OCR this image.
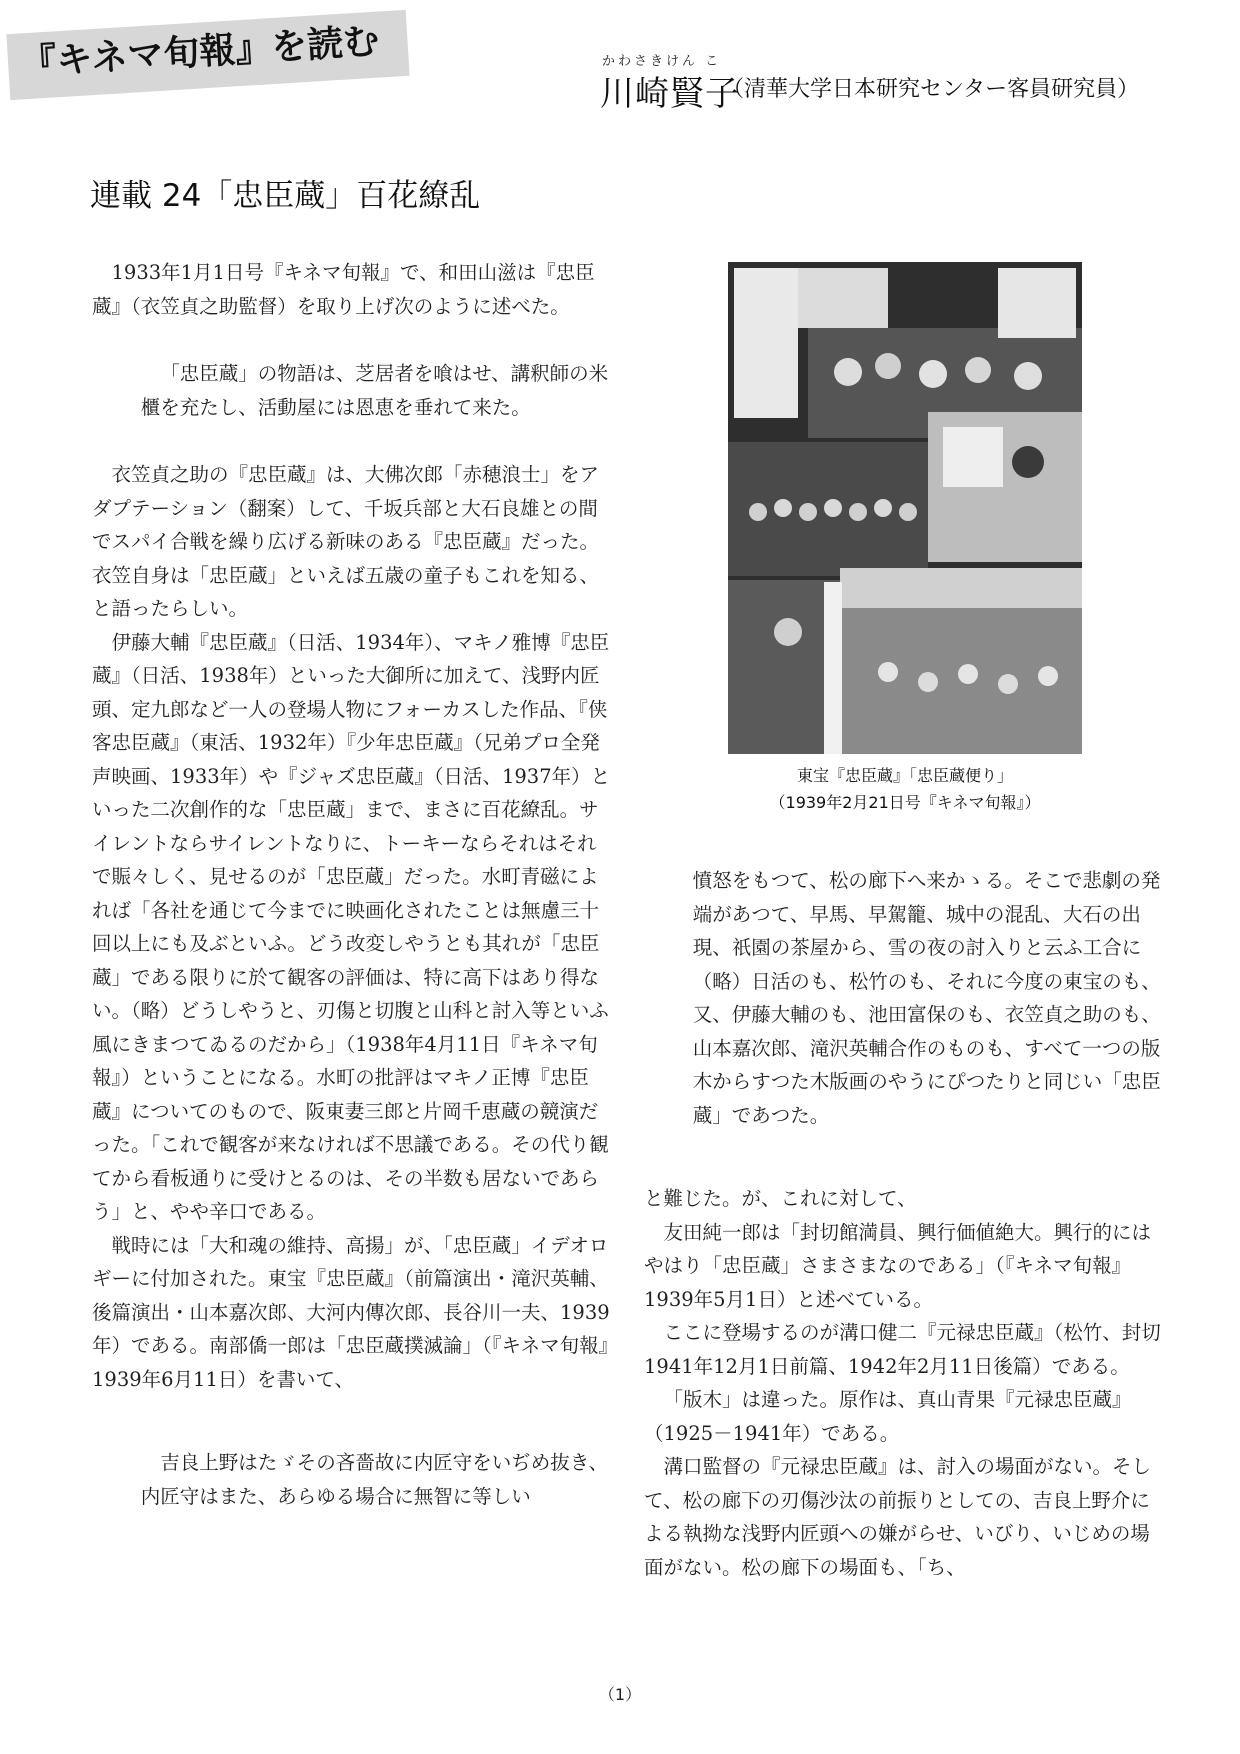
『キネマ旬報』を読む	かわさきけん こ
川崎賢子
（清華大学日本研究センター客員研究員）
連載 24「忠臣蔵」百花繚乱

1933年1月1日号『キネマ旬報』で、和田山滋は『忠臣蔵』（衣笠貞之助監督）を取り上げ次のように述べた。

「忠臣蔵」の物語は、芝居者を喰はせ、講釈師の米櫃を充たし、活動屋には恩恵を垂れて来た。

衣笠貞之助の『忠臣蔵』は、大佛次郎「赤穂浪士」をアダプテーション（翻案）して、千坂兵部と大石良雄との間でスパイ合戦を繰り広げる新味のある『忠臣蔵』だった。衣笠自身は「忠臣蔵」といえば五歳の童子もこれを知る、と語ったらしい。

伊藤大輔『忠臣蔵』（日活、1934年）、マキノ雅博『忠臣蔵』（日活、1938年）といった大御所に加えて、浅野内匠頭、定九郎など一人の登場人物にフォーカスした作品、『侠客忠臣蔵』（東活、1932年）『少年忠臣蔵』（兄弟プロ全発声映画、1933年）や『ジャズ忠臣蔵』（日活、1937年）といった二次創作的な「忠臣蔵」まで、まさに百花繚乱。サイレントならサイレントなりに、トーキーならそれはそれで賑々しく、見せるのが「忠臣蔵」だった。水町青磁によれば「各社を通じて今までに映画化されたことは無慮三十回以上にも及ぶといふ。どう改変しやうとも其れが「忠臣蔵」である限りに於て観客の評価は、特に高下はあり得ない。（略）どうしやうと、刃傷と切腹と山科と討入等といふ風にきまつてゐるのだから」（1938年4月11日『キネマ旬報』）ということになる。水町の批評はマキノ正博『忠臣蔵』についてのもので、阪東妻三郎と片岡千恵蔵の競演だった。「これで観客が来なければ不思議である。その代り観てから看板通りに受けとるのは、その半数も居ないであらう」と、やや辛口である。

戦時には「大和魂の維持、高揚」が、「忠臣蔵」イデオロギーに付加された。東宝『忠臣蔵』（前篇演出・滝沢英輔、後篇演出・山本嘉次郎、大河内傳次郎、長谷川一夫、1939年）である。南部僑一郎は「忠臣蔵撲滅論」（『キネマ旬報』1939年6月11日）を書いて、

吉良上野はたゞその吝嗇故に内匠守をいぢめ抜き、内匠守はまた、あらゆる場合に無智に等しい

東宝『忠臣蔵』「忠臣蔵便り」
（1939年2月21日号『キネマ旬報』）

憤怒をもつて、松の廊下へ来かゝる。そこで悲劇の発端があつて、早馬、早駕籠、城中の混乱、大石の出現、祇園の茶屋から、雪の夜の討入りと云ふ工合に（略）日活のも、松竹のも、それに今度の東宝のも、又、伊藤大輔のも、池田富保のも、衣笠貞之助のも、山本嘉次郎、滝沢英輔合作のものも、すべて一つの版木からすつた木版画のやうにぴつたりと同じい「忠臣蔵」であつた。

と難じた。が、これに対して、

友田純一郎は「封切館満員、興行価値絶大。興行的にはやはり「忠臣蔵」さまさまなのである」（『キネマ旬報』1939年5月1日）と述べている。

ここに登場するのが溝口健二『元禄忠臣蔵』（松竹、封切1941年12月1日前篇、1942年2月11日後篇）である。

「版木」は違った。原作は、真山青果『元禄忠臣蔵』（1925－1941年）である。

溝口監督の『元禄忠臣蔵』は、討入の場面がない。そして、松の廊下の刃傷沙汰の前振りとしての、吉良上野介による執拗な浅野内匠頭への嫌がらせ、いびり、いじめの場面がない。松の廊下の場面も、「ち、

（1）
